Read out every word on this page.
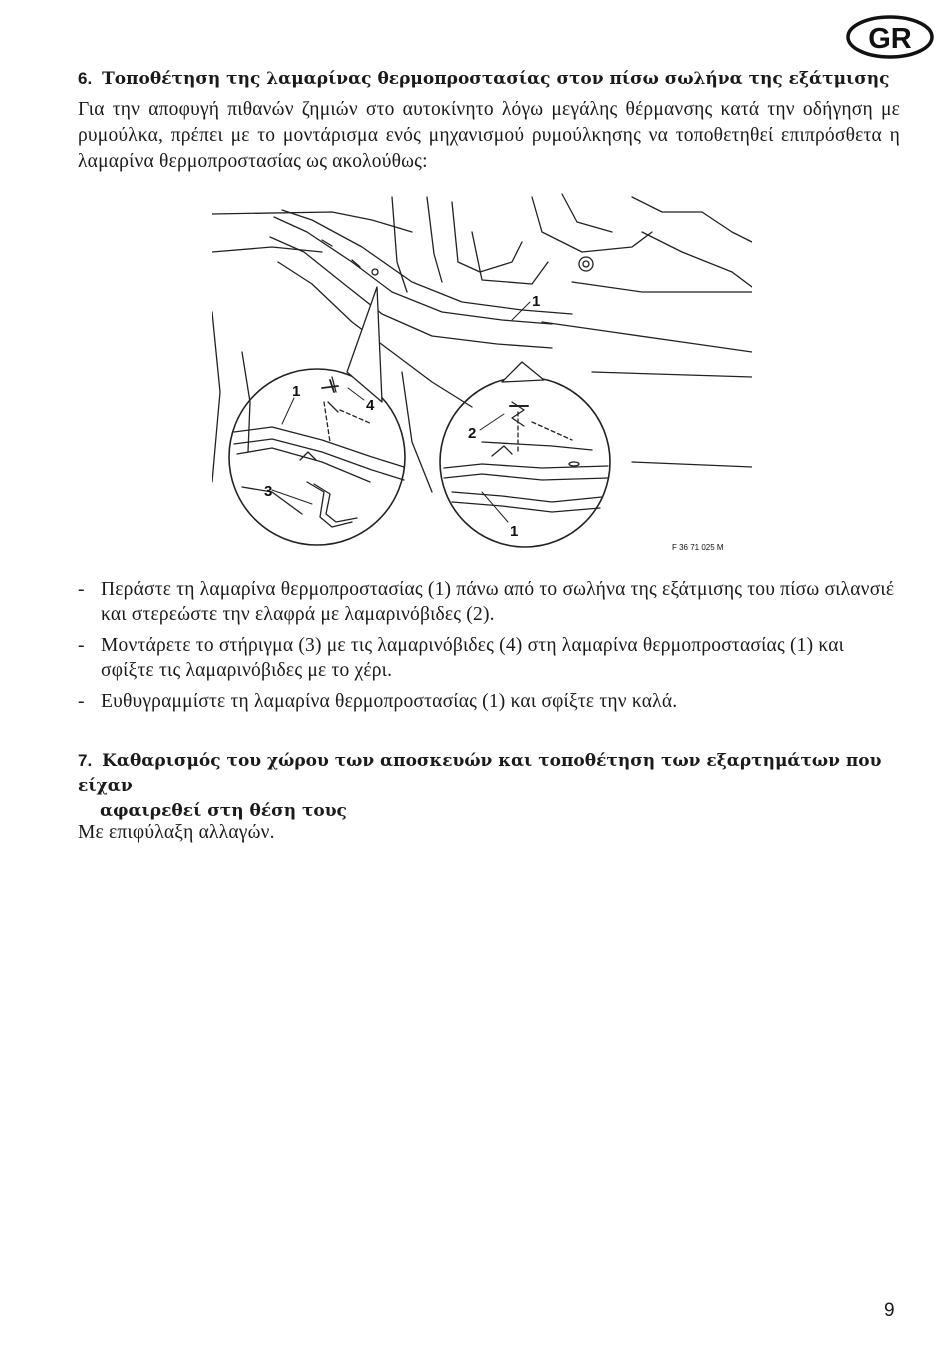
GR
6. Τοποθέτηση της λαμαρίνας θερμοπροστασίας στον πίσω σωλήνα της εξάτμισης
Για την αποφυγή πιθανών ζημιών στο αυτοκίνητο λόγω μεγάλης θέρμανσης κατά την οδήγηση με ρυμούλκα, πρέπει με το μοντάρισμα ενός μηχανισμού ρυμούλκησης να τοποθετηθεί επιπρόσθετα η λαμαρίνα θερμοπροστασίας ως ακολούθως:
1
1
4
2
3
1
F 36 71 025 M
- Περάστε τη λαμαρίνα θερμοπροστασίας (1) πάνω από το σωλήνα της εξάτμισης του πίσω σιλανσιέ και στερεώστε την ελαφρά με λαμαρινόβιδες (2).
- Μοντάρετε το στήριγμα (3) με τις λαμαρινόβιδες (4) στη λαμαρίνα θερμοπροστασίας (1) και σφίξτε τις λαμαρινόβιδες με το χέρι.
- Ευθυγραμμίστε τη λαμαρίνα θερμοπροστασίας (1) και σφίξτε την καλά.
7. Καθαρισμός του χώρου των αποσκευών και τοποθέτηση των εξαρτημάτων που είχαν
αφαιρεθεί στη θέση τους
Με επιφύλαξη αλλαγών.
9
